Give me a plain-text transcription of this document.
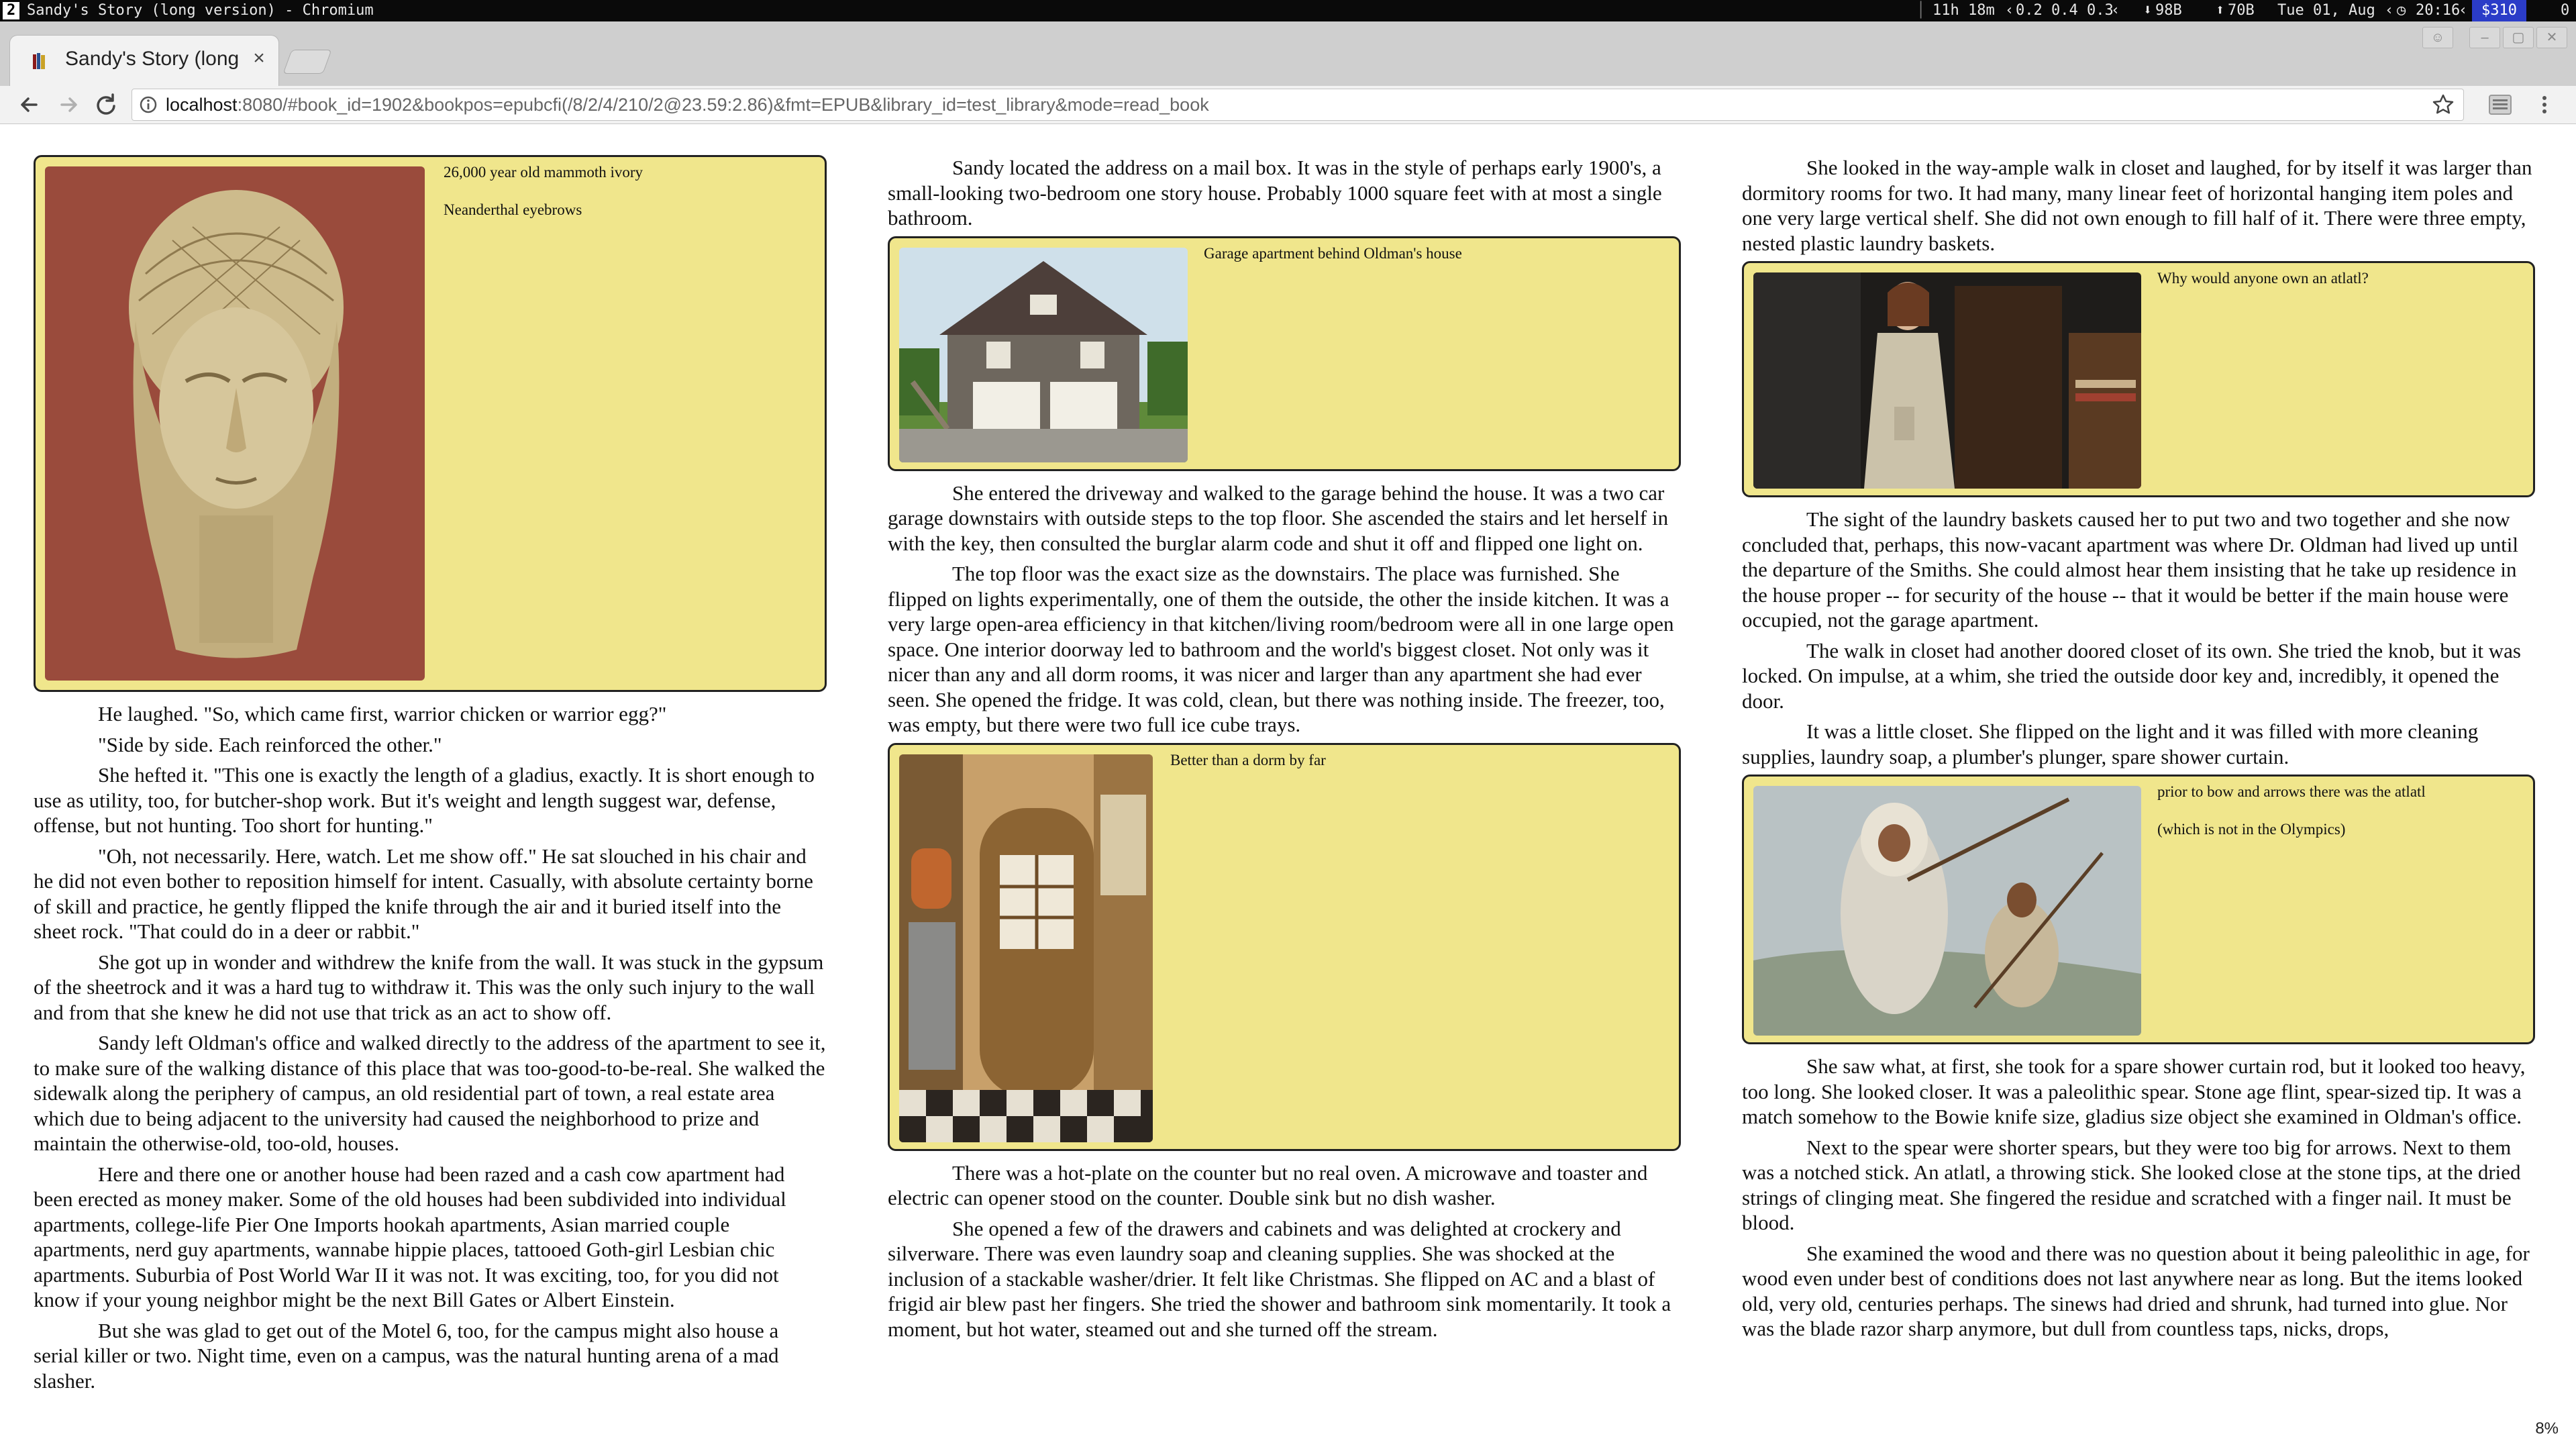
2 Sandy's Story (long version) - Chromium	│ 11h 18m ‹ 0.2 0.4 0.3
‹ ⬇ 98B ⬆ 70B Tue 01, Aug ‹ ◷ 20:16
‹ $310	0
Sandy's Story (long ×
☺	–	▢	✕
localhost:8080/#book_id=1902&bookpos=epubcfi(/8/2/4/210/2@23.59:2.86)&fmt=EPUB&library_id=test_library&mode=read_book
26,000 year old mammoth ivory
Neanderthal eyebrows

He laughed. "So, which came first, warrior chicken or warrior egg?"

"Side by side. Each reinforced the other."

She hefted it. "This one is exactly the length of a gladius, exactly. It is short enough to use as utility, too, for butcher-shop work. But it's weight and length suggest war, defense, offense, but not hunting. Too short for hunting."

"Oh, not necessarily. Here, watch. Let me show off." He sat slouched in his chair and he did not even bother to reposition himself for intent. Casually, with absolute certainty borne of skill and practice, he gently flipped the knife through the air and it buried itself into the sheet rock. "That could do in a deer or rabbit."

She got up in wonder and withdrew the knife from the wall. It was stuck in the gypsum of the sheetrock and it was a hard tug to withdraw it. This was the only such injury to the wall and from that she knew he did not use that trick as an act to show off.

Sandy left Oldman's office and walked directly to the address of the apartment to see it, to make sure of the walking distance of this place that was too-good-to-be-real. She walked the sidewalk along the periphery of campus, an old residential part of town, a real estate area which due to being adjacent to the university had caused the neighborhood to prize and maintain the otherwise-old, too-old, houses.

Here and there one or another house had been razed and a cash cow apartment had been erected as money maker. Some of the old houses had been subdivided into individual apartments, college-life Pier One Imports hookah apartments, Asian married couple apartments, nerd guy apartments, wannabe hippie places, tattooed Goth-girl Lesbian chic apartments. Suburbia of Post World War II it was not. It was exciting, too, for you did not know if your young neighbor might be the next Bill Gates or Albert Einstein.

But she was glad to get out of the Motel 6, too, for the campus might also house a serial killer or two. Night time, even on a campus, was the natural hunting arena of a mad slasher.

Sandy located the address on a mail box. It was in the style of perhaps early 1900's, a small-looking two-bedroom one story house. Probably 1000 square feet with at most a single bathroom.

Garage apartment behind Oldman's house

She entered the driveway and walked to the garage behind the house. It was a two car garage downstairs with outside steps to the top floor. She ascended the stairs and let herself in with the key, then consulted the burglar alarm code and shut it off and flipped one light on.

The top floor was the exact size as the downstairs. The place was furnished. She flipped on lights experimentally, one of them the outside, the other the inside kitchen. It was a very large open-area efficiency in that kitchen/living room/bedroom were all in one large open space. One interior doorway led to bathroom and the world's biggest closet. Not only was it nicer than any and all dorm rooms, it was nicer and larger than any apartment she had ever seen. She opened the fridge. It was cold, clean, but there was nothing inside. The freezer, too, was empty, but there were two full ice cube trays.

Better than a dorm by far

There was a hot-plate on the counter but no real oven. A microwave and toaster and electric can opener stood on the counter. Double sink but no dish washer.

She opened a few of the drawers and cabinets and was delighted at crockery and silverware. There was even laundry soap and cleaning supplies. She was shocked at the inclusion of a stackable washer/drier. It felt like Christmas. She flipped on AC and a blast of frigid air blew past her fingers. She tried the shower and bathroom sink momentarily. It took a moment, but hot water, steamed out and she turned off the stream.

She looked in the way-ample walk in closet and laughed, for by itself it was larger than dormitory rooms for two. It had many, many linear feet of horizontal hanging item poles and one very large vertical shelf. She did not own enough to fill half of it. There were three empty, nested plastic laundry baskets.

Why would anyone own an atlatl?

The sight of the laundry baskets caused her to put two and two together and she now concluded that, perhaps, this now-vacant apartment was where Dr. Oldman had lived up until the departure of the Smiths. She could almost hear them insisting that he take up residence in the house proper -- for security of the house -- that it would be better if the main house were occupied, not the garage apartment.

The walk in closet had another doored closet of its own. She tried the knob, but it was locked. On impulse, at a whim, she tried the outside door key and, incredibly, it opened the door.

It was a little closet. She flipped on the light and it was filled with more cleaning supplies, laundry soap, a plumber's plunger, spare shower curtain.

prior to bow and arrows there was the atlatl
(which is not in the Olympics)

She saw what, at first, she took for a spare shower curtain rod, but it looked too heavy, too long. She looked closer. It was a paleolithic spear. Stone age flint, spear-sized tip. It was a match somehow to the Bowie knife size, gladius size object she examined in Oldman's office.

Next to the spear were shorter spears, but they were too big for arrows. Next to them was a notched stick. An atlatl, a throwing stick. She looked close at the stone tips, at the dried strings of clinging meat. She fingered the residue and scratched with a finger nail. It must be blood.

She examined the wood and there was no question about it being paleolithic in age, for wood even under best of conditions does not last anywhere near as long. But the items looked old, very old, centuries perhaps. The sinews had dried and shrunk, had turned into glue. Nor was the blade razor sharp anymore, but dull from countless taps, nicks, drops,

8%
